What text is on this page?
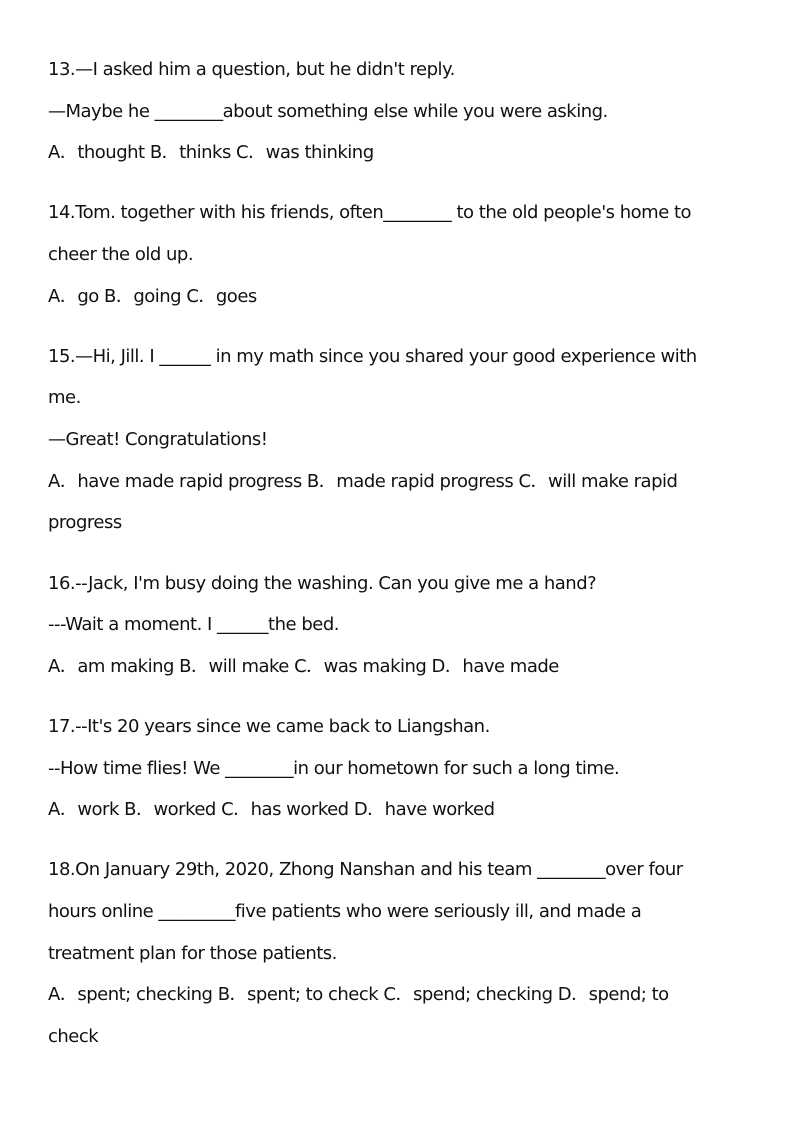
13.—I asked him a question, but he didn't reply.
—Maybe he ________about something else while you were asking.
A．thought B．thinks C．was thinking
14.Tom. together with his friends, often________ to the old people's home to
cheer the old up.
A．go B．going C．goes
15.—Hi, Jill. I ______ in my math since you shared your good experience with
me.
—Great! Congratulations!
A．have made rapid progress B．made rapid progress C．will make rapid
progress
16.--Jack, I'm busy doing the washing. Can you give me a hand?
---Wait a moment. I ______the bed.
A．am making B．will make C．was making D．have made
17.--It's 20 years since we came back to Liangshan.
--How time flies! We ________in our hometown for such a long time.
A．work B．worked C．has worked D．have worked
18.On January 29th, 2020, Zhong Nanshan and his team ________over four
hours online _________five patients who were seriously ill, and made a
treatment plan for those patients.
A．spent; checking B．spent; to check C．spend; checking D．spend; to
check
